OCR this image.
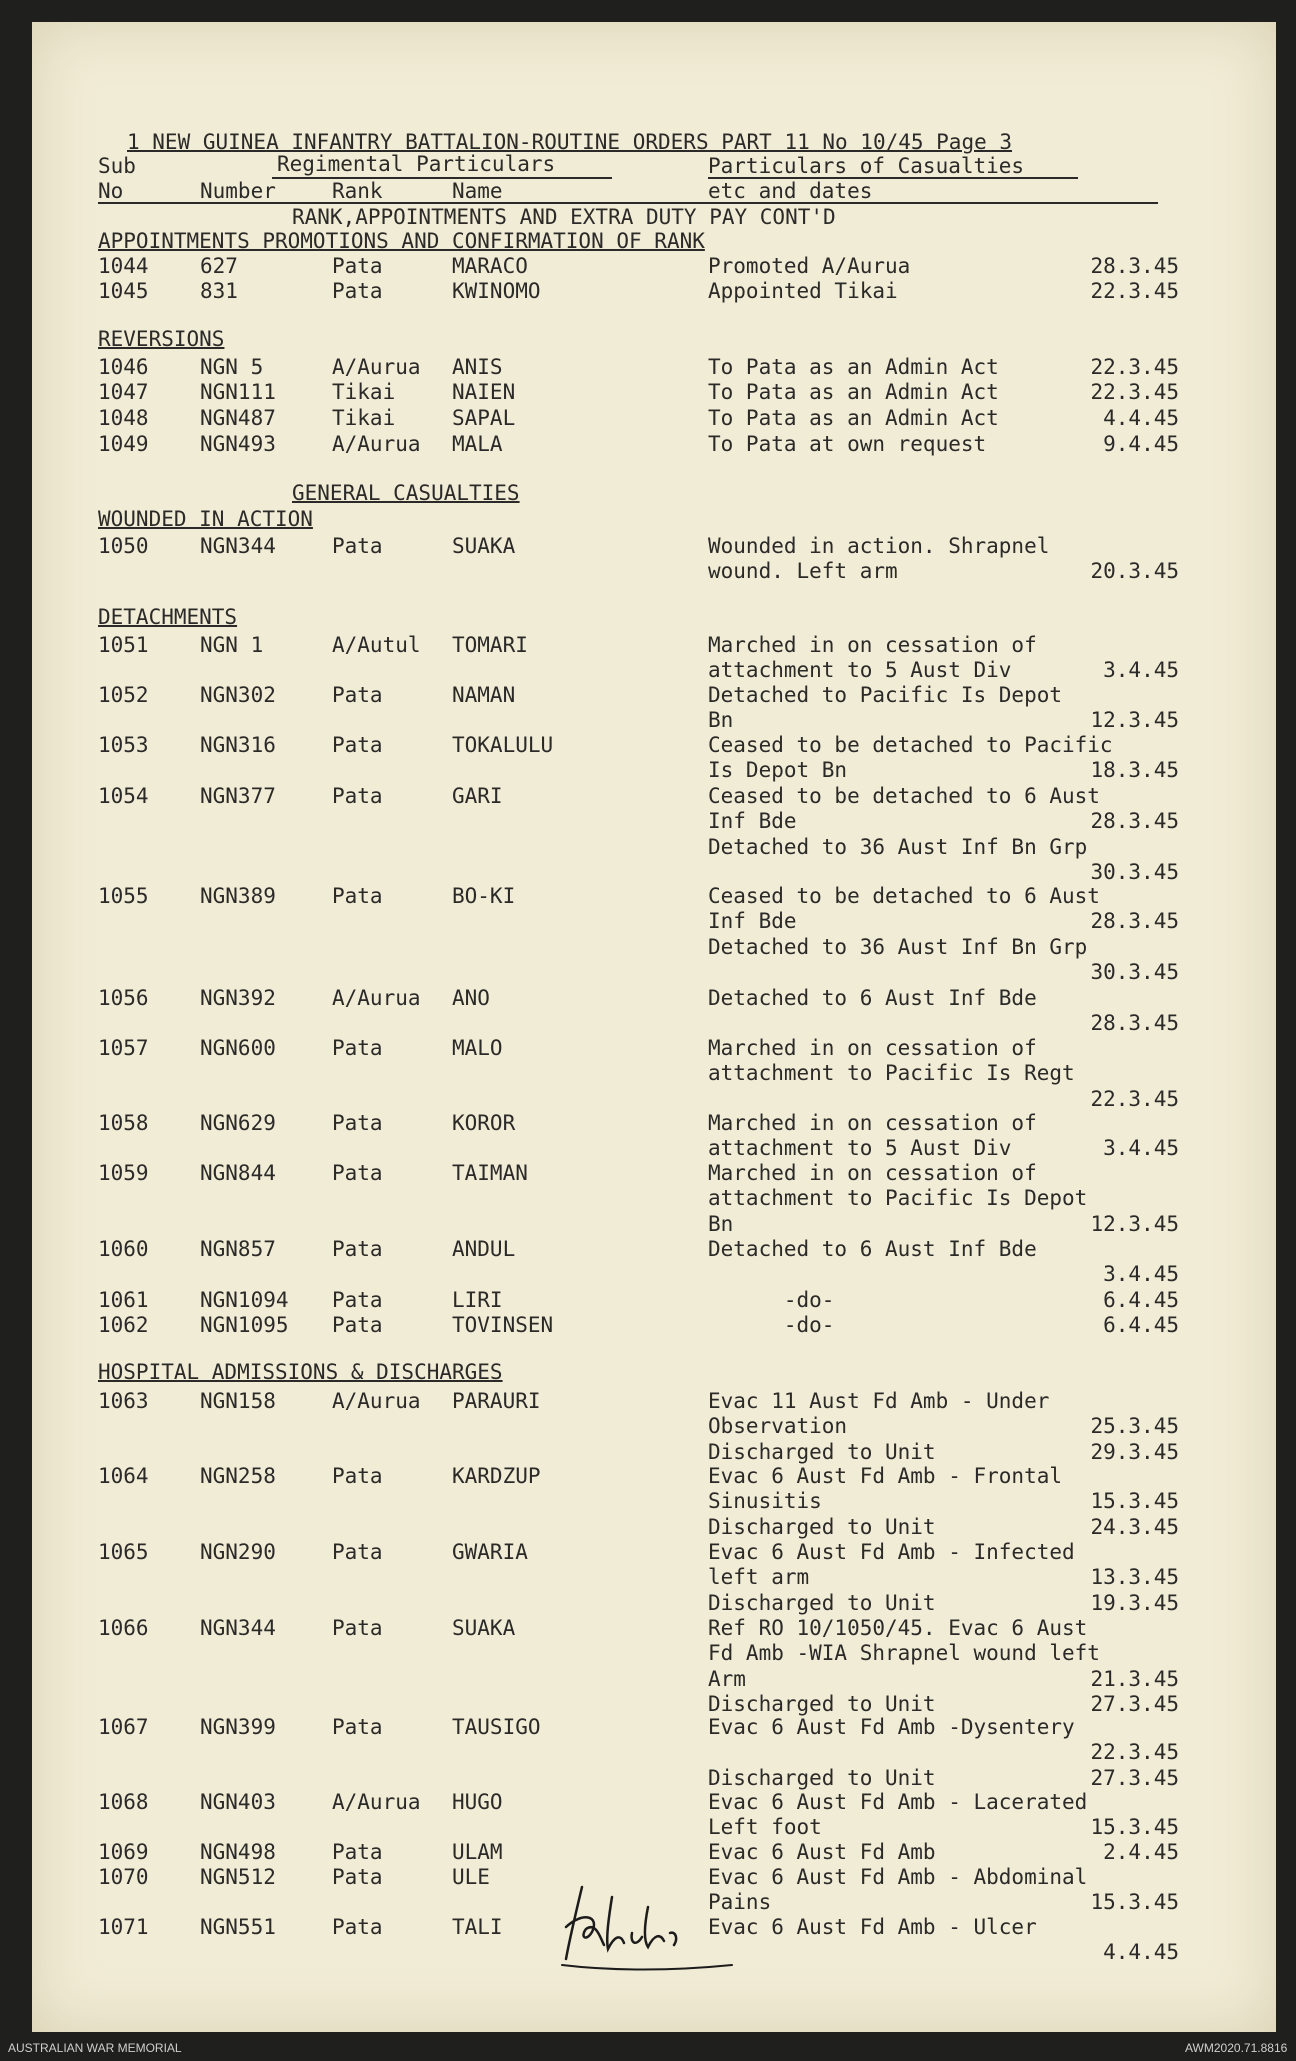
1 NEW GUINEA INFANTRY BATTALION-ROUTINE ORDERS PART 11 No 10/45 Page 3
Sub	Regimental Particulars	Particulars of Casualties
No	Number	Rank	Name	etc and dates
RANK,APPOINTMENTS AND EXTRA DUTY PAY CONT'D
APPOINTMENTS PROMOTIONS AND CONFIRMATION OF RANK
REVERSIONS
GENERAL CASUALTIES
WOUNDED IN ACTION
DETACHMENTS
HOSPITAL ADMISSIONS & DISCHARGES
1044 627	Pata	MARACO	Promoted A/Aurua	28.3.45
1045 831	Pata	KWINOMO	Appointed Tikai	22.3.45
1046 NGN 5	A/Aurua ANIS	To Pata as an Admin Act	22.3.45
1047 NGN111	Tikai	NAIEN	To Pata as an Admin Act	22.3.45
1048 NGN487	Tikai	SAPAL	To Pata as an Admin Act	4.4.45
1049 NGN493	A/Aurua MALA	To Pata at own request	9.4.45
1050 NGN344	Pata	SUAKA	Wounded in action. Shrapnel
wound. Left arm	20.3.45
1051 NGN 1	A/Autul TOMARI	Marched in on cessation of
attachment to 5 Aust Div	3.4.45
1052 NGN302	Pata	NAMAN	Detached to Pacific Is Depot
Bn	12.3.45
1053 NGN316	Pata	TOKALULU	Ceased to be detached to Pacific
Is Depot Bn	18.3.45
1054 NGN377	Pata	GARI	Ceased to be detached to 6 Aust
Inf Bde	28.3.45
Detached to 36 Aust Inf Bn Grp
30.3.45
1055 NGN389	Pata	BO-KI	Ceased to be detached to 6 Aust
Inf Bde	28.3.45
Detached to 36 Aust Inf Bn Grp
30.3.45
1056 NGN392	A/Aurua ANO	Detached to 6 Aust Inf Bde
28.3.45
1057 NGN600	Pata	MALO	Marched in on cessation of
attachment to Pacific Is Regt
22.3.45
1058 NGN629	Pata	KOROR	Marched in on cessation of
attachment to 5 Aust Div	3.4.45
1059 NGN844	Pata	TAIMAN	Marched in on cessation of
attachment to Pacific Is Depot
Bn	12.3.45
1060 NGN857	Pata	ANDUL	Detached to 6 Aust Inf Bde
3.4.45
1061 NGN1094 Pata	LIRI	-do-	6.4.45
1062 NGN1095 Pata	TOVINSEN	-do-	6.4.45
1063 NGN158	A/Aurua PARAURI	Evac 11 Aust Fd Amb - Under
Observation	25.3.45
Discharged to Unit	29.3.45
1064 NGN258	Pata	KARDZUP	Evac 6 Aust Fd Amb - Frontal
Sinusitis	15.3.45
Discharged to Unit	24.3.45
1065 NGN290	Pata	GWARIA	Evac 6 Aust Fd Amb - Infected
left arm	13.3.45
Discharged to Unit	19.3.45
1066 NGN344	Pata	SUAKA	Ref RO 10/1050/45. Evac 6 Aust
Fd Amb -WIA Shrapnel wound left
Arm	21.3.45
Discharged to Unit	27.3.45
1067 NGN399	Pata	TAUSIGO	Evac 6 Aust Fd Amb -Dysentery
22.3.45
Discharged to Unit	27.3.45
1068 NGN403	A/Aurua HUGO	Evac 6 Aust Fd Amb - Lacerated
Left foot	15.3.45
1069 NGN498	Pata	ULAM	Evac 6 Aust Fd Amb	2.4.45
1070 NGN512	Pata	ULE	Evac 6 Aust Fd Amb - Abdominal
Pains	15.3.45
1071 NGN551	Pata	TALI	Evac 6 Aust Fd Amb - Ulcer
4.4.45
AUSTRALIAN WAR MEMORIAL	AWM2020.71.8816
